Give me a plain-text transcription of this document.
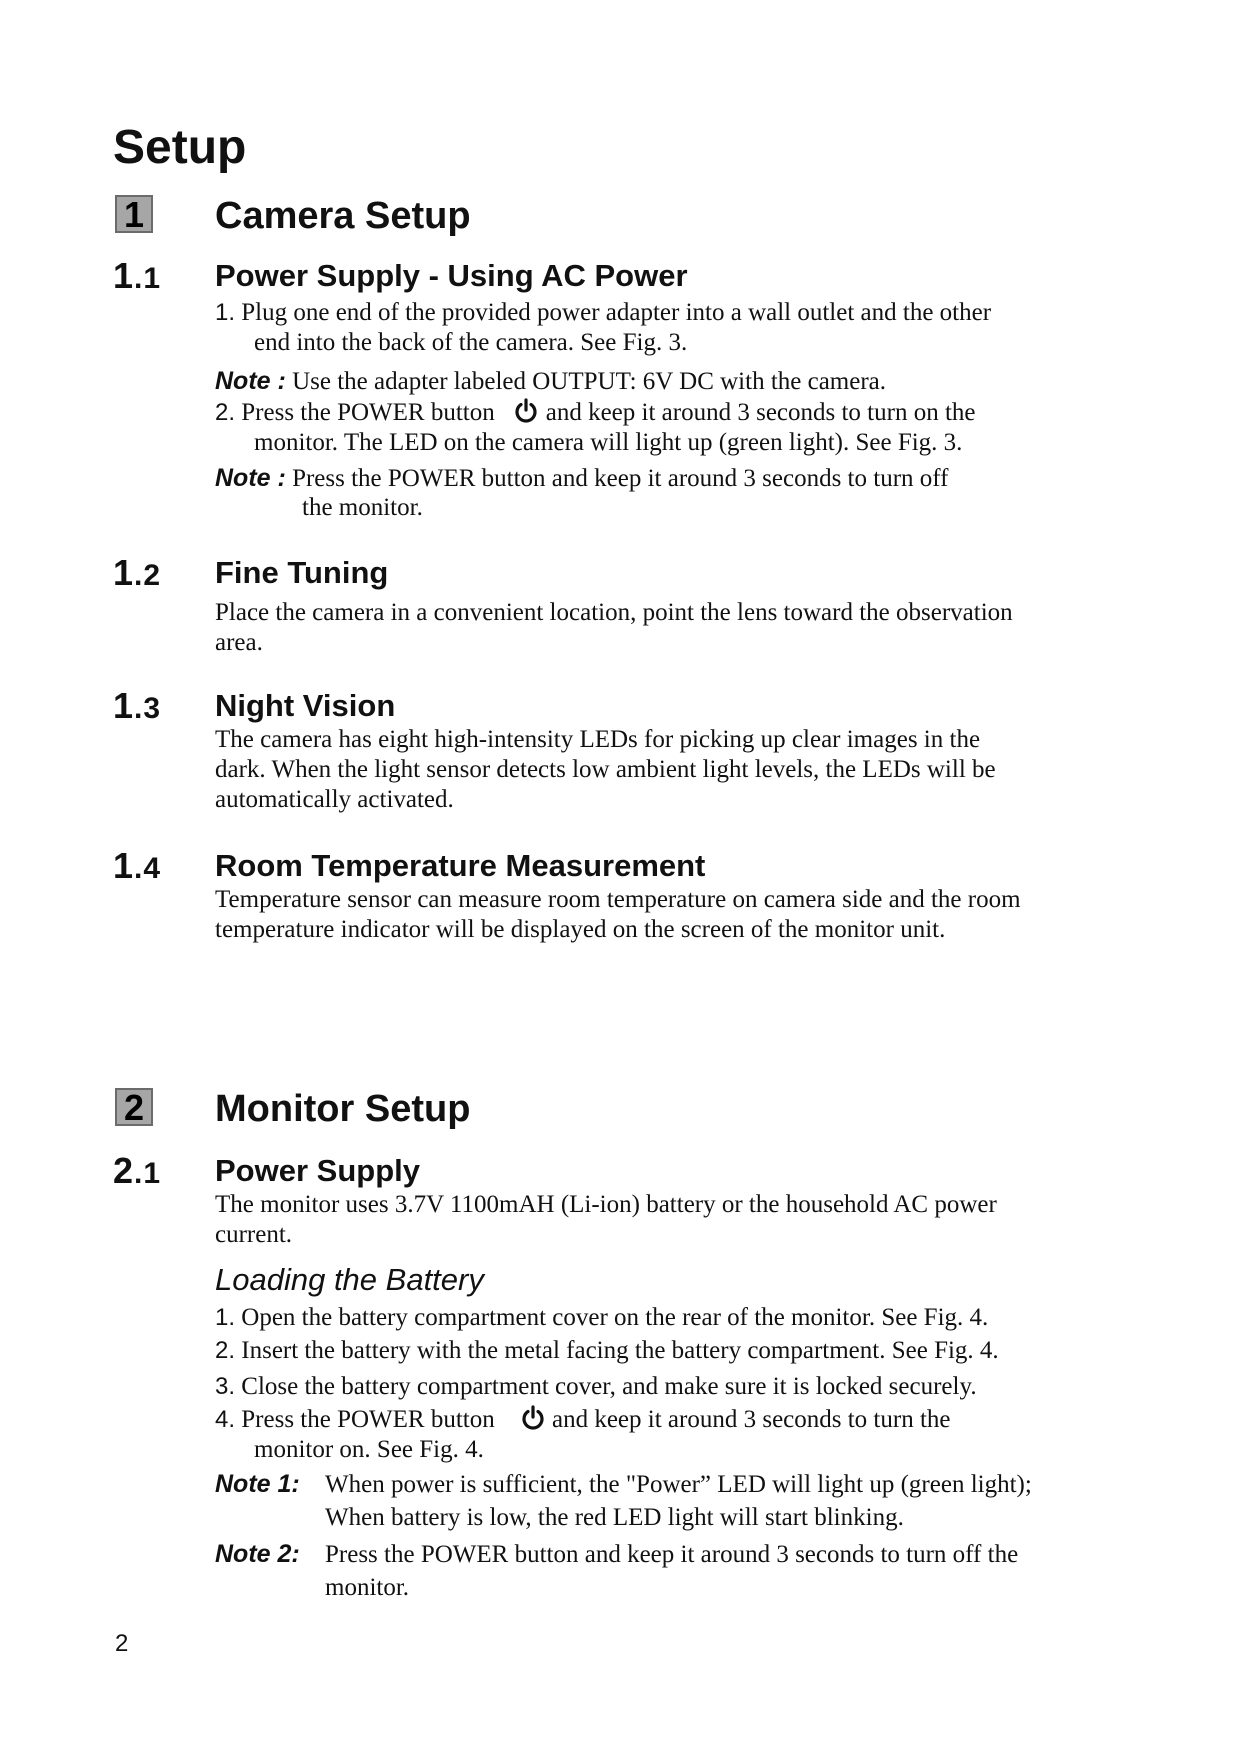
Setup
1 Camera Setup
1.1 Power Supply - Using AC Power
1. Plug one end of the provided power adapter into a wall outlet and the other
end into the back of the camera. See Fig. 3.
Note : Use the adapter labeled OUTPUT: 6V DC with the camera.
2. Press the POWER button and keep it around 3 seconds to turn on the
monitor. The LED on the camera will light up (green light). See Fig. 3.
Note : Press the POWER button and keep it around 3 seconds to turn off
the monitor.
1.2 Fine Tuning
Place the camera in a convenient location, point the lens toward the observation
area.
1.3 Night Vision
The camera has eight high-intensity LEDs for picking up clear images in the
dark. When the light sensor detects low ambient light levels, the LEDs will be
automatically activated.
1.4 Room Temperature Measurement
Temperature sensor can measure room temperature on camera side and the room
temperature indicator will be displayed on the screen of the monitor unit.
2 Monitor Setup
2.1 Power Supply
The monitor uses 3.7V 1100mAH (Li-ion) battery or the household AC power
current.
Loading the Battery
1. Open the battery compartment cover on the rear of the monitor. See Fig. 4.
2. Insert the battery with the metal facing the battery compartment. See Fig. 4.
3. Close the battery compartment cover, and make sure it is locked securely.
4. Press the POWER button and keep it around 3 seconds to turn the
monitor on. See Fig. 4.
Note 1: When power is sufficient, the "Power” LED will light up (green light);
When battery is low, the red LED light will start blinking.
Note 2: Press the POWER button and keep it around 3 seconds to turn off the
monitor.
2
